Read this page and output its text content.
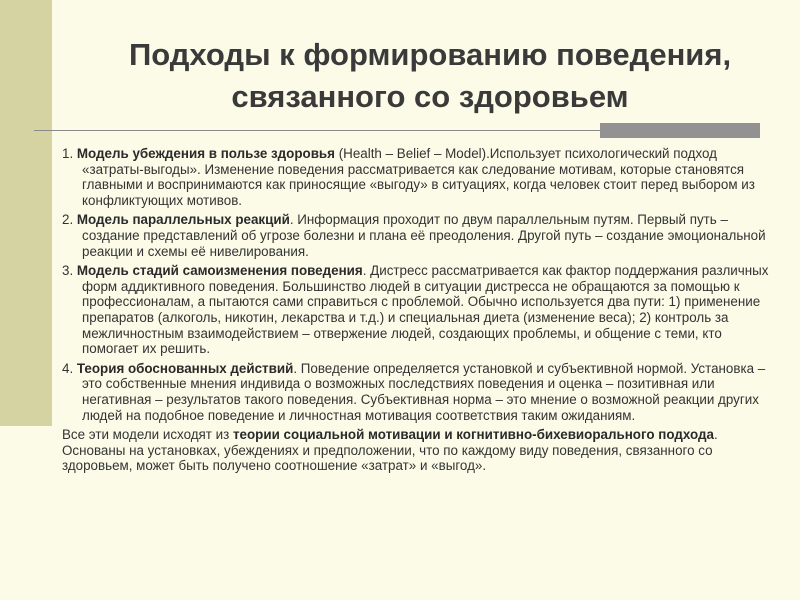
Подходы к формированию поведения,
связанного со здоровьем

1. Модель убеждения в пользе здоровья (Health – Belief – Model).Использует психологический подход «затраты-выгоды». Изменение поведения рассматривается как следование мотивам, которые становятся главными и воспринимаются как приносящие «выгоду» в ситуациях, когда человек стоит перед выбором из конфликтующих мотивов.

2. Модель параллельных реакций. Информация проходит по двум параллельным путям. Первый путь – создание представлений об угрозе болезни и плана её преодоления. Другой путь – создание эмоциональной реакции и схемы её нивелирования.

3. Модель стадий самоизменения поведения. Дистресс рассматривается как фактор поддержания различных форм аддиктивного поведения. Большинство людей в ситуации дистресса не обращаются за помощью к профессионалам, а пытаются сами справиться с проблемой. Обычно используется два пути: 1) применение препаратов (алкоголь, никотин, лекарства и т.д.) и специальная диета (изменение веса); 2) контроль за межличностным взаимодействием – отвержение людей, создающих проблемы, и общение с теми, кто помогает их решить.

4. Теория обоснованных действий. Поведение определяется установкой и субъективной нормой. Установка – это собственные мнения индивида о возможных последствиях поведения и оценка – позитивная или негативная – результатов такого поведения. Субъективная норма – это мнение о возможной реакции других людей на подобное поведение и личностная мотивация соответствия таким ожиданиям.

Все эти модели исходят из теории социальной мотивации и когнитивно-бихевиорального подхода. Основаны на установках, убеждениях и предположении, что по каждому виду поведения, связанного со здоровьем, может быть получено соотношение «затрат» и «выгод».
